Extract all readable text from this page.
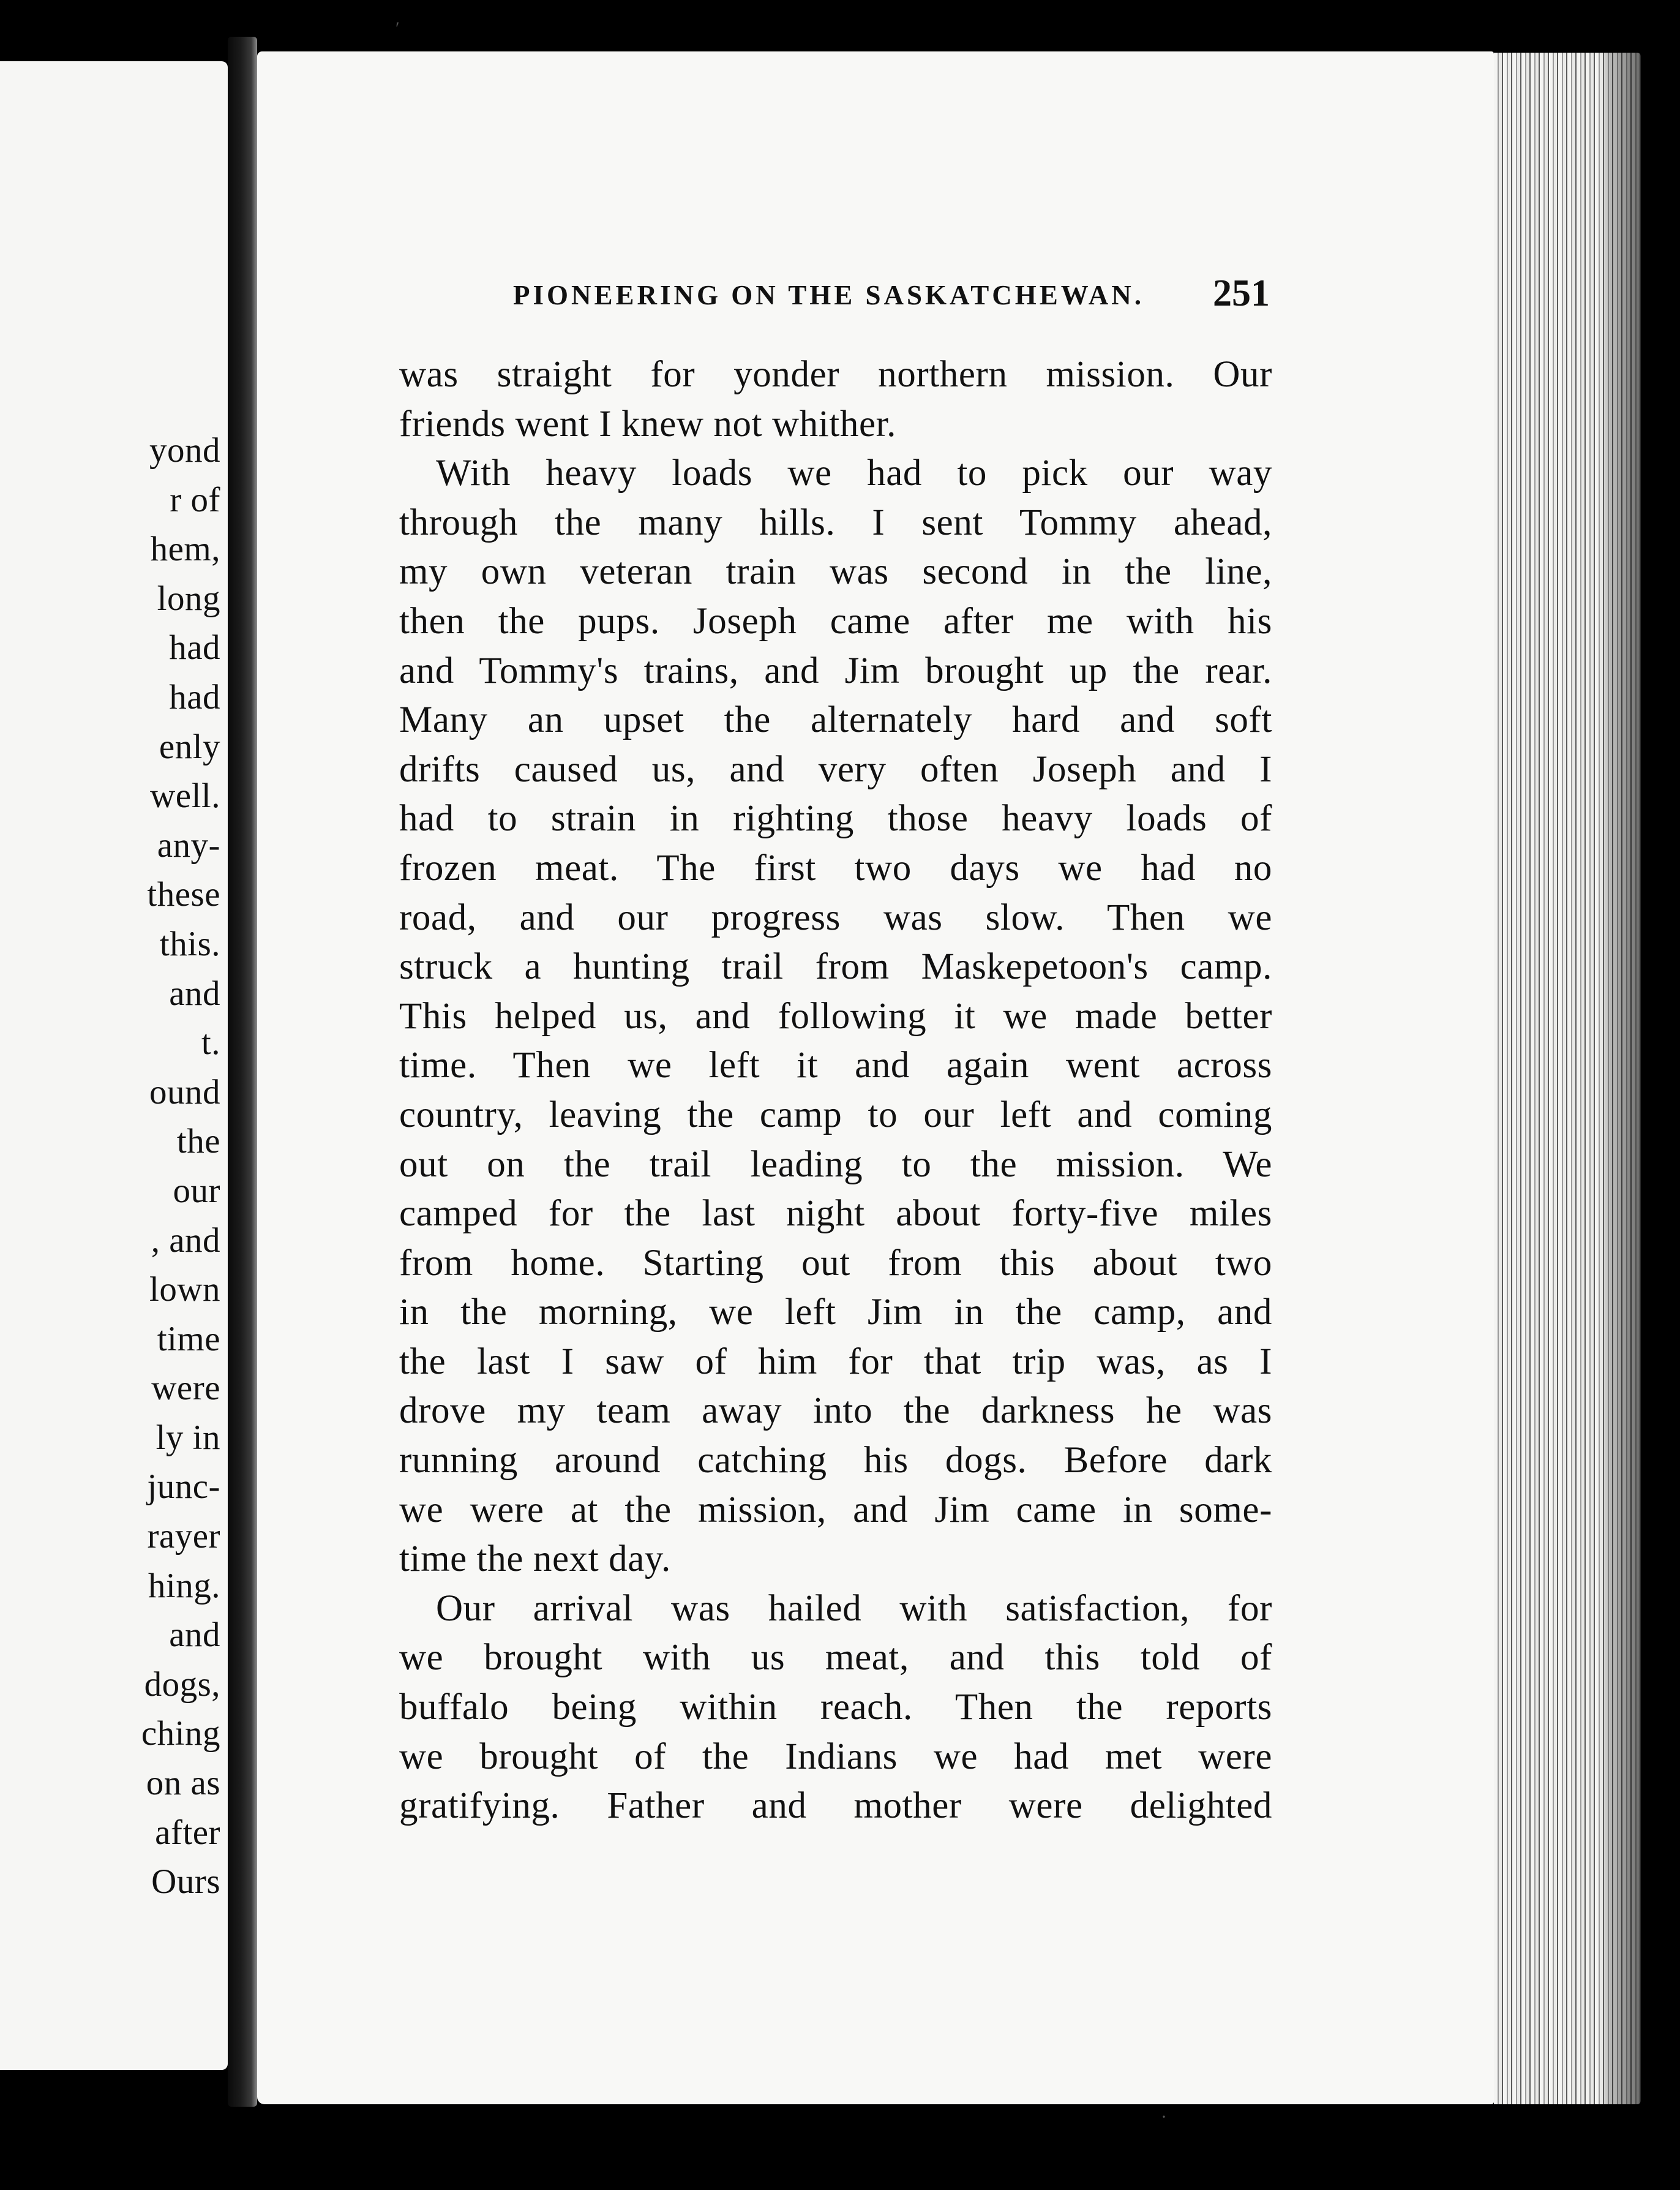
yond
r of
hem,
long
had
had
enly
well.
any-
these
this.
and
t.
ound
the
our
, and
lown
time
were
ly in
junc-
rayer
hing.
and
dogs,
ching
on as
after
Ours
′
·
PIONEERING ON THE SASKATCHEWAN. 251
was straight for yonder northern mission. Our
friends went I knew not whither.
With heavy loads we had to pick our way
through the many hills. I sent Tommy ahead,
my own veteran train was second in the line,
then the pups. Joseph came after me with his
and Tommy's trains, and Jim brought up the rear.
Many an upset the alternately hard and soft
drifts caused us, and very often Joseph and I
had to strain in righting those heavy loads of
frozen meat. The first two days we had no
road, and our progress was slow. Then we
struck a hunting trail from Maskepetoon's camp.
This helped us, and following it we made better
time. Then we left it and again went across
country, leaving the camp to our left and coming
out on the trail leading to the mission. We
camped for the last night about forty-five miles
from home. Starting out from this about two
in the morning, we left Jim in the camp, and
the last I saw of him for that trip was, as I
drove my team away into the darkness he was
running around catching his dogs. Before dark
we were at the mission, and Jim came in some-
time the next day.
Our arrival was hailed with satisfaction, for
we brought with us meat, and this told of
buffalo being within reach. Then the reports
we brought of the Indians we had met were
gratifying. Father and mother were delighted
